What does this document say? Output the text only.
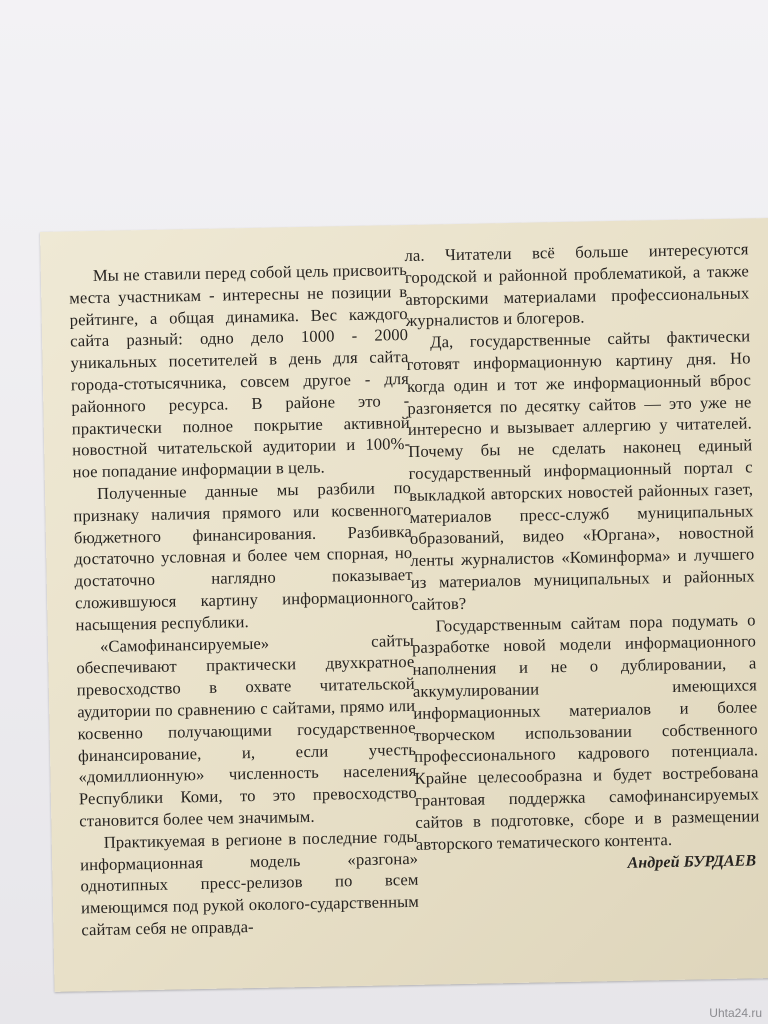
Мы не ставили перед собой цель присвоить места участникам - интересны не позиции в рейтинге, а общая динамика. Вес каждого сайта разный: одно дело 1000 - 2000 уникальных посетителей в день для сайта города-стотысячника, совсем другое - для районного ресурса. В районе это - практически полное покрытие активной новостной читательской аудитории и 100%-ное попадание информации в цель.

Полученные данные мы разбили по признаку наличия прямого или косвенного бюджетного финансирования. Разбивка достаточно условная и более чем спорная, но достаточно наглядно показывает сложившуюся картину информационного насыщения республики.

«Самофинансируемые» сайты обеспечивают практически двухкратное превосходство в охвате читательской аудитории по сравнению с сайтами, прямо или косвенно получающими государственное финансирование, и, если учесть «домиллионную» численность населения Республики Коми, то это превосходство становится более чем значимым.

Практикуемая в регионе в последние годы информационная модель «разгона» однотипных пресс-релизов по всем имеющимся под рукой околого-сударственным сайтам себя не оправда-

ла. Читатели всё больше интересуются городской и районной проблематикой, а также авторскими материалами профессиональных журналистов и блогеров.

Да, государственные сайты фактически готовят информационную картину дня. Но когда один и тот же информационный вброс разгоняется по десятку сайтов — это уже не интересно и вызывает аллергию у читателей. Почему бы не сделать наконец единый государственный информационный портал с выкладкой авторских новостей районных газет, материалов пресс-служб муниципальных образований, видео «Юргана», новостной ленты журналистов «Коминформа» и лучшего из материалов муниципальных и районных сайтов?

Государственным сайтам пора подумать о разработке новой модели информационного наполнения и не о дублировании, а аккумулировании имеющихся информационных материалов и более творческом использовании собственного профессионального кадрового потенциала. Крайне целесообразна и будет востребована грантовая поддержка самофинансируемых сайтов в подготовке, сборе и в размещении авторского тематического контента.

Андрей БУРДАЕВ
Uhta24.ru
